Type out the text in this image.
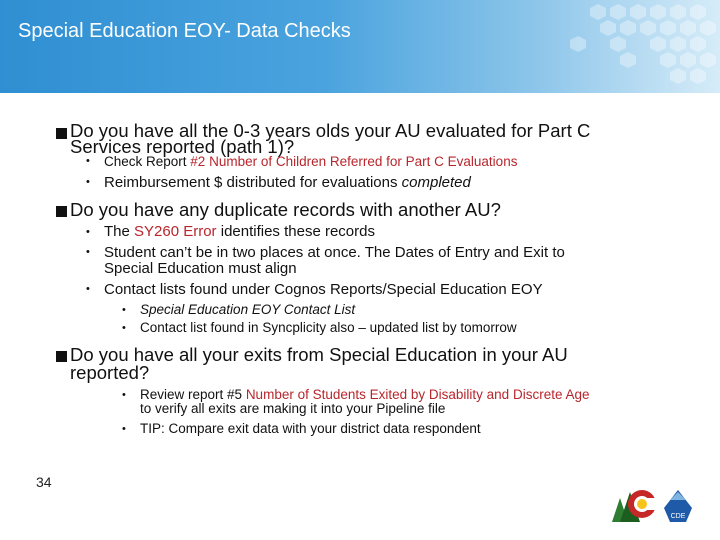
Special Education EOY- Data Checks
Do you have all the 0-3 years olds your AU evaluated for Part C
Services reported (path 1)?
• Check Report #2 Number of Children Referred for Part C Evaluations
• Reimbursement $ distributed for evaluations completed
Do you have any duplicate records with another AU?
• The SY260 Error identifies these records
• Student can’t be in two places at once. The Dates of Entry and Exit to
Special Education must align
• Contact lists found under Cognos Reports/Special Education EOY
• Special Education EOY Contact List
• Contact list found in Syncplicity also – updated list by tomorrow
Do you have all your exits from Special Education in your AU
reported?
• Review report #5 Number of Students Exited by Disability and Discrete Age
to verify all exits are making it into your Pipeline file
• TIP: Compare exit data with your district data respondent
34
CDE
